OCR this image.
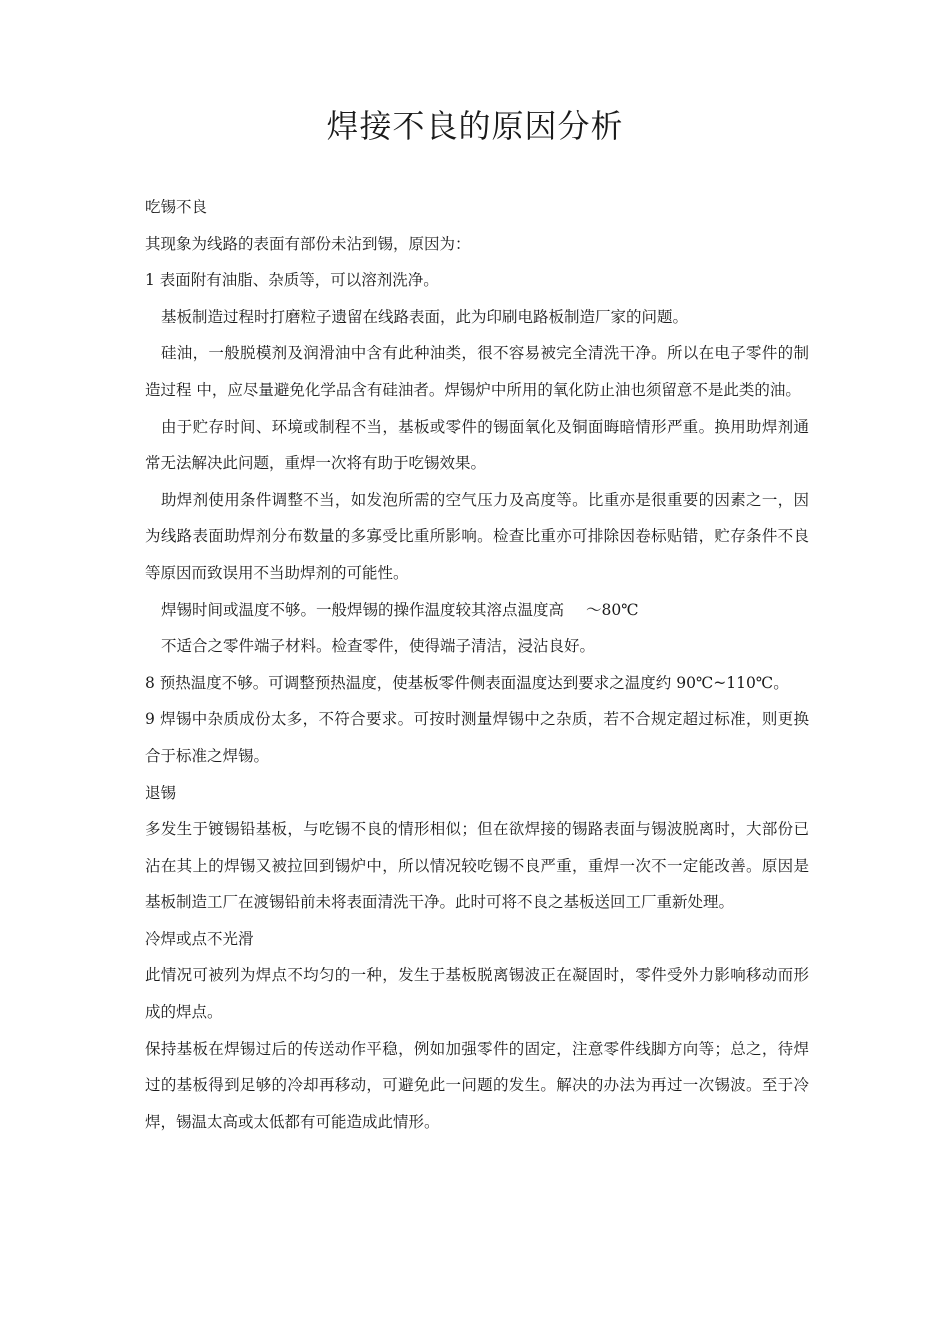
焊接不良的原因分析

吃锡不良

其现象为线路的表面有部份未沾到锡，原因为：

1 表面附有油脂、杂质等，可以溶剂洗净。

基板制造过程时打磨粒子遗留在线路表面，此为印刷电路板制造厂家的问题。

硅油，一般脱模剂及润滑油中含有此种油类，很不容易被完全清洗干净。所以在电子零件的制造过程 中，应尽量避免化学品含有硅油者。焊锡炉中所用的氧化防止油也须留意不是此类的油。

由于贮存时间、环境或制程不当，基板或零件的锡面氧化及铜面晦暗情形严重。换用助焊剂通常无法解决此问题，重焊一次将有助于吃锡效果。

助焊剂使用条件调整不当，如发泡所需的空气压力及高度等。比重亦是很重要的因素之一，因为线路表面助焊剂分布数量的多寡受比重所影响。检查比重亦可排除因卷标贴错，贮存条件不良等原因而致误用不当助焊剂的可能性。

焊锡时间或温度不够。一般焊锡的操作温度较其溶点温度高 ～80℃

不适合之零件端子材料。检查零件，使得端子清洁，浸沾良好。

8 预热温度不够。可调整预热温度，使基板零件侧表面温度达到要求之温度约 90℃~110℃。

9 焊锡中杂质成份太多，不符合要求。可按时测量焊锡中之杂质，若不合规定超过标准，则更换合于标准之焊锡。

退锡

多发生于镀锡铅基板，与吃锡不良的情形相似；但在欲焊接的锡路表面与锡波脱离时，大部份已沾在其上的焊锡又被拉回到锡炉中，所以情况较吃锡不良严重，重焊一次不一定能改善。原因是基板制造工厂在渡锡铅前未将表面清洗干净。此时可将不良之基板送回工厂重新处理。

冷焊或点不光滑

此情况可被列为焊点不均匀的一种，发生于基板脱离锡波正在凝固时，零件受外力影响移动而形成的焊点。

保持基板在焊锡过后的传送动作平稳，例如加强零件的固定，注意零件线脚方向等；总之，待焊过的基板得到足够的冷却再移动，可避免此一问题的发生。解决的办法为再过一次锡波。至于冷焊，锡温太高或太低都有可能造成此情形。
